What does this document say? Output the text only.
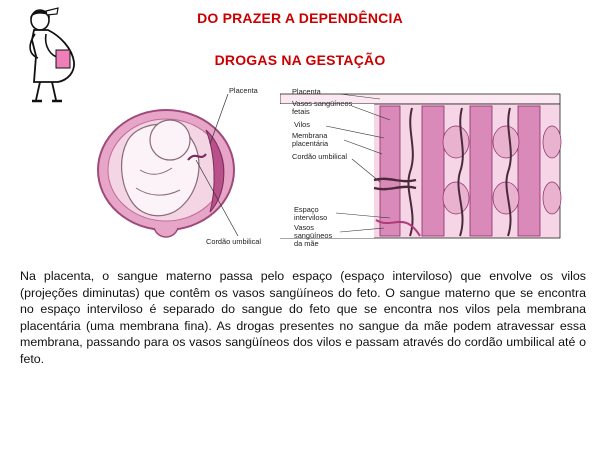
DO PRAZER A DEPENDÊNCIA
DROGAS NA GESTAÇÃO
Placenta
Cordão umbilical
Placenta
Vasos sangüíneos
fetais
Vilos
Membrana
placentária
Cordão umbilical
Espaço
interviloso
Vasos
sangüíneos
da mãe

Na placenta, o sangue materno passa pelo espaço (espaço interviloso) que envolve os vilos (projeções diminutas) que contêm os vasos sangüíneos do feto. O sangue materno que se encontra no espaço interviloso é separado do sangue do feto que se encontra nos vilos pela membrana placentária (uma membrana fina). As drogas presentes no sangue da mãe podem atravessar essa membrana, passando para os vasos sangüíneos dos vilos e passam através do cordão umbilical até o feto.
